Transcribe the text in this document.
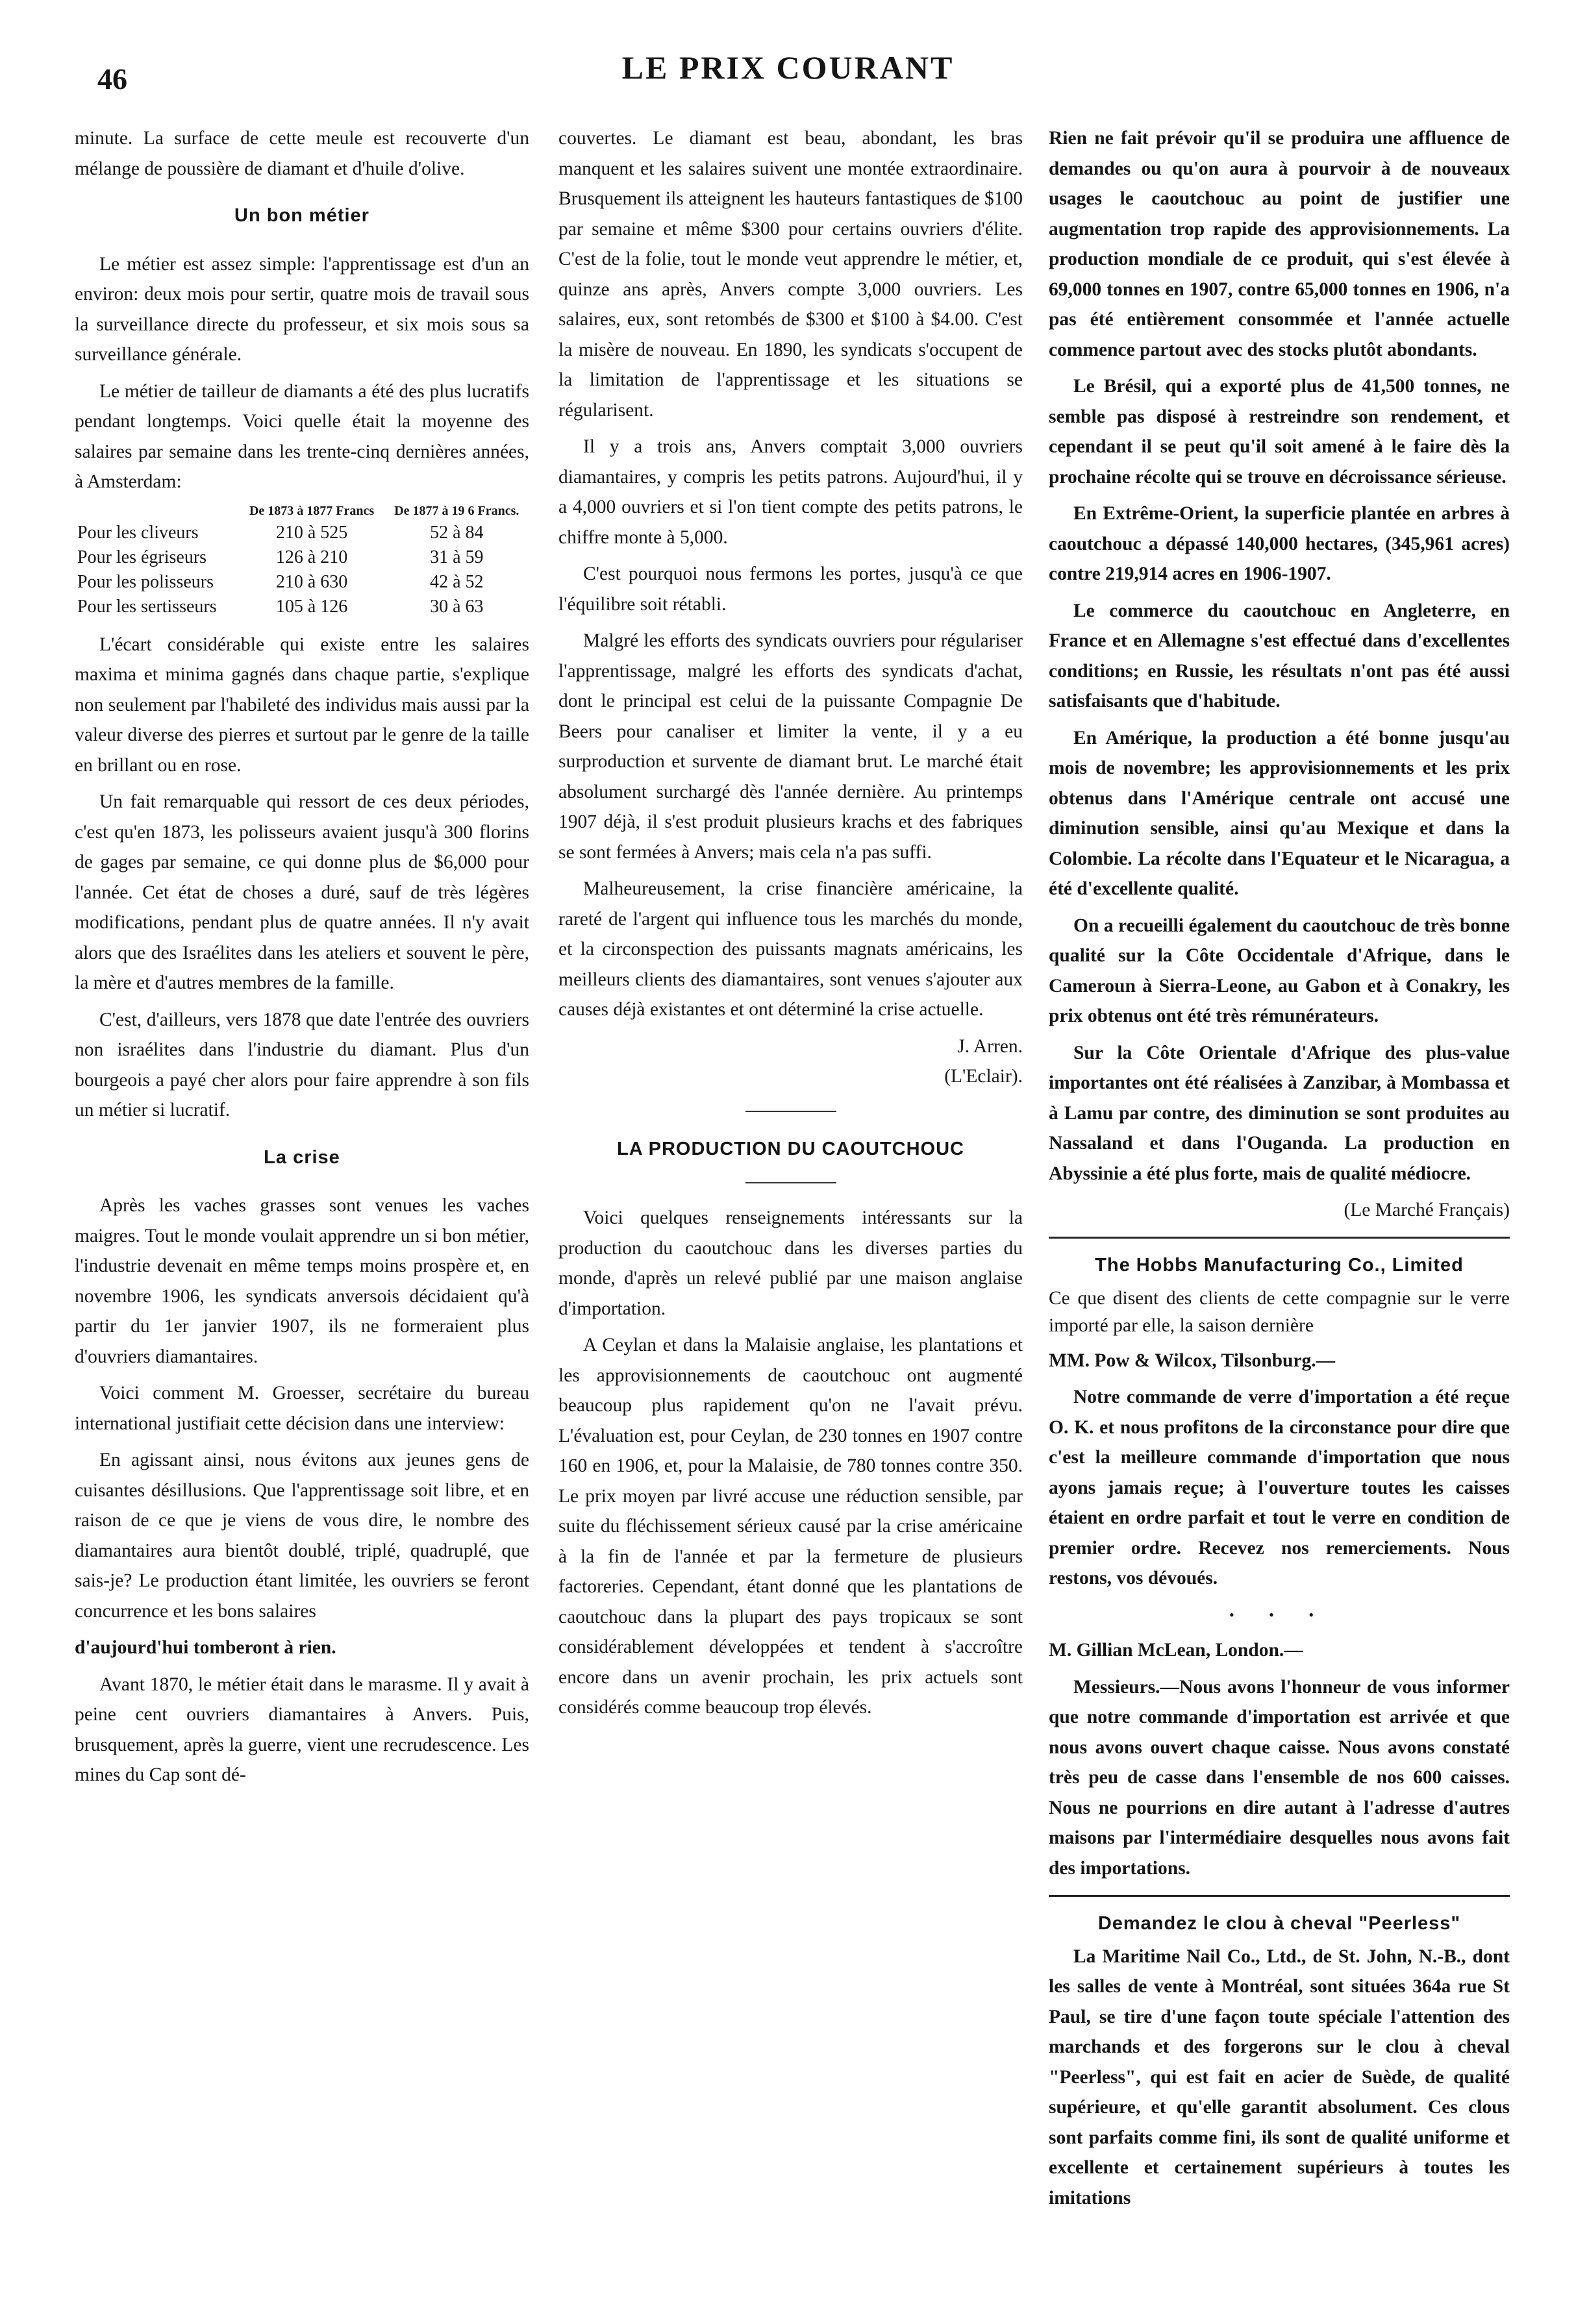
46	LE PRIX COURANT

minute. La surface de cette meule est recouverte d'un mélange de poussière de diamant et d'huile d'olive.

Un bon métier

Le métier est assez simple: l'apprentissage est d'un an environ: deux mois pour sertir, quatre mois de travail sous la surveillance directe du professeur, et six mois sous sa surveillance générale.

Le métier de tailleur de diamants a été des plus lucratifs pendant longtemps. Voici quelle était la moyenne des salaires par semaine dans les trente-cinq dernières années, à Amsterdam:

	De 1873 à 1877 Francs	De 1877 à 19 6 Francs.
Pour les cliveurs	210 à 525	52 à 84
Pour les égriseurs	126 à 210	31 à 59
Pour les polisseurs	210 à 630	42 à 52
Pour les sertisseurs	105 à 126	30 à 63

L'écart considérable qui existe entre les salaires maxima et minima gagnés dans chaque partie, s'explique non seulement par l'habileté des individus mais aussi par la valeur diverse des pierres et surtout par le genre de la taille en brillant ou en rose.

Un fait remarquable qui ressort de ces deux périodes, c'est qu'en 1873, les polisseurs avaient jusqu'à 300 florins de gages par semaine, ce qui donne plus de $6,000 pour l'année. Cet état de choses a duré, sauf de très légères modifications, pendant plus de quatre années. Il n'y avait alors que des Israélites dans les ateliers et souvent le père, la mère et d'autres membres de la famille.

C'est, d'ailleurs, vers 1878 que date l'entrée des ouvriers non israélites dans l'industrie du diamant. Plus d'un bourgeois a payé cher alors pour faire apprendre à son fils un métier si lucratif.

La crise

Après les vaches grasses sont venues les vaches maigres. Tout le monde voulait apprendre un si bon métier, l'industrie devenait en même temps moins prospère et, en novembre 1906, les syndicats anversois décidaient qu'à partir du 1er janvier 1907, ils ne formeraient plus d'ouvriers diamantaires.

Voici comment M. Groesser, secrétaire du bureau international justifiait cette décision dans une interview:

En agissant ainsi, nous évitons aux jeunes gens de cuisantes désillusions. Que l'apprentissage soit libre, et en raison de ce que je viens de vous dire, le nombre des diamantaires aura bientôt doublé, triplé, quadruplé, que sais-je? Le production étant limitée, les ouvriers se feront concurrence et les bons salaires

d'aujourd'hui tomberont à rien.

Avant 1870, le métier était dans le marasme. Il y avait à peine cent ouvriers diamantaires à Anvers. Puis, brusquement, après la guerre, vient une recrudescence. Les mines du Cap sont dé-

couvertes. Le diamant est beau, abondant, les bras manquent et les salaires suivent une montée extraordinaire. Brusquement ils atteignent les hauteurs fantastiques de $100 par semaine et même $300 pour certains ouvriers d'élite. C'est de la folie, tout le monde veut apprendre le métier, et, quinze ans après, Anvers compte 3,000 ouvriers. Les salaires, eux, sont retombés de $300 et $100 à $4.00. C'est la misère de nouveau. En 1890, les syndicats s'occupent de la limitation de l'apprentissage et les situations se régularisent.

Il y a trois ans, Anvers comptait 3,000 ouvriers diamantaires, y compris les petits patrons. Aujourd'hui, il y a 4,000 ouvriers et si l'on tient compte des petits patrons, le chiffre monte à 5,000.

C'est pourquoi nous fermons les portes, jusqu'à ce que l'équilibre soit rétabli.

Malgré les efforts des syndicats ouvriers pour régulariser l'apprentissage, malgré les efforts des syndicats d'achat, dont le principal est celui de la puissante Compagnie De Beers pour canaliser et limiter la vente, il y a eu surproduction et survente de diamant brut. Le marché était absolument surchargé dès l'année dernière. Au printemps 1907 déjà, il s'est produit plusieurs krachs et des fabriques se sont fermées à Anvers; mais cela n'a pas suffi.

Malheureusement, la crise financière américaine, la rareté de l'argent qui influence tous les marchés du monde, et la circonspection des puissants magnats américains, les meilleurs clients des diamantaires, sont venues s'ajouter aux causes déjà existantes et ont déterminé la crise actuelle.

J. Arren.
(L'Eclair).
LA PRODUCTION DU CAOUTCHOUC

Voici quelques renseignements intéressants sur la production du caoutchouc dans les diverses parties du monde, d'après un relevé publié par une maison anglaise d'importation.

A Ceylan et dans la Malaisie anglaise, les plantations et les approvisionnements de caoutchouc ont augmenté beaucoup plus rapidement qu'on ne l'avait prévu. L'évaluation est, pour Ceylan, de 230 tonnes en 1907 contre 160 en 1906, et, pour la Malaisie, de 780 tonnes contre 350. Le prix moyen par livré accuse une réduction sensible, par suite du fléchissement sérieux causé par la crise américaine à la fin de l'année et par la fermeture de plusieurs factoreries. Cependant, étant donné que les plantations de caoutchouc dans la plupart des pays tropicaux se sont considérablement développées et tendent à s'accroître encore dans un avenir prochain, les prix actuels sont considérés comme beaucoup trop élevés.

Rien ne fait prévoir qu'il se produira une affluence de demandes ou qu'on aura à pourvoir à de nouveaux usages le caoutchouc au point de justifier une augmentation trop rapide des approvisionnements. La production mondiale de ce produit, qui s'est élevée à 69,000 tonnes en 1907, contre 65,000 tonnes en 1906, n'a pas été entièrement consommée et l'année actuelle commence partout avec des stocks plutôt abondants.

Le Brésil, qui a exporté plus de 41,500 tonnes, ne semble pas disposé à restreindre son rendement, et cependant il se peut qu'il soit amené à le faire dès la prochaine récolte qui se trouve en décroissance sérieuse.

En Extrême-Orient, la superficie plantée en arbres à caoutchouc a dépassé 140,000 hectares, (345,961 acres) contre 219,914 acres en 1906-1907.

Le commerce du caoutchouc en Angleterre, en France et en Allemagne s'est effectué dans d'excellentes conditions; en Russie, les résultats n'ont pas été aussi satisfaisants que d'habitude.

En Amérique, la production a été bonne jusqu'au mois de novembre; les approvisionnements et les prix obtenus dans l'Amérique centrale ont accusé une diminution sensible, ainsi qu'au Mexique et dans la Colombie. La récolte dans l'Equateur et le Nicaragua, a été d'excellente qualité.

On a recueilli également du caoutchouc de très bonne qualité sur la Côte Occidentale d'Afrique, dans le Cameroun à Sierra-Leone, au Gabon et à Conakry, les prix obtenus ont été très rémunérateurs.

Sur la Côte Orientale d'Afrique des plus-value importantes ont été réalisées à Zanzibar, à Mombassa et à Lamu par contre, des diminution se sont produites au Nassaland et dans l'Ouganda. La production en Abyssinie a été plus forte, mais de qualité médiocre.

(Le Marché Français)
The Hobbs Manufacturing Co., Limited

Ce que disent des clients de cette compagnie sur le verre importé par elle, la saison dernière

MM. Pow & Wilcox, Tilsonburg.—

Notre commande de verre d'importation a été reçue O. K. et nous profitons de la circonstance pour dire que c'est la meilleure commande d'importation que nous ayons jamais reçue; à l'ouverture toutes les caisses étaient en ordre parfait et tout le verre en condition de premier ordre. Recevez nos remerciements. Nous restons, vos dévoués.

• • •

M. Gillian McLean, London.—

Messieurs.—Nous avons l'honneur de vous informer que notre commande d'importation est arrivée et que nous avons ouvert chaque caisse. Nous avons constaté très peu de casse dans l'ensemble de nos 600 caisses. Nous ne pourrions en dire autant à l'adresse d'autres maisons par l'intermédiaire desquelles nous avons fait des importations.

Demandez le clou à cheval "Peerless"

La Maritime Nail Co., Ltd., de St. John, N.-B., dont les salles de vente à Montréal, sont situées 364a rue St Paul, se tire d'une façon toute spéciale l'attention des marchands et des forgerons sur le clou à cheval "Peerless", qui est fait en acier de Suède, de qualité supérieure, et qu'elle garantit absolument. Ces clous sont parfaits comme fini, ils sont de qualité uniforme et excellente et certainement supérieurs à toutes les imitations
